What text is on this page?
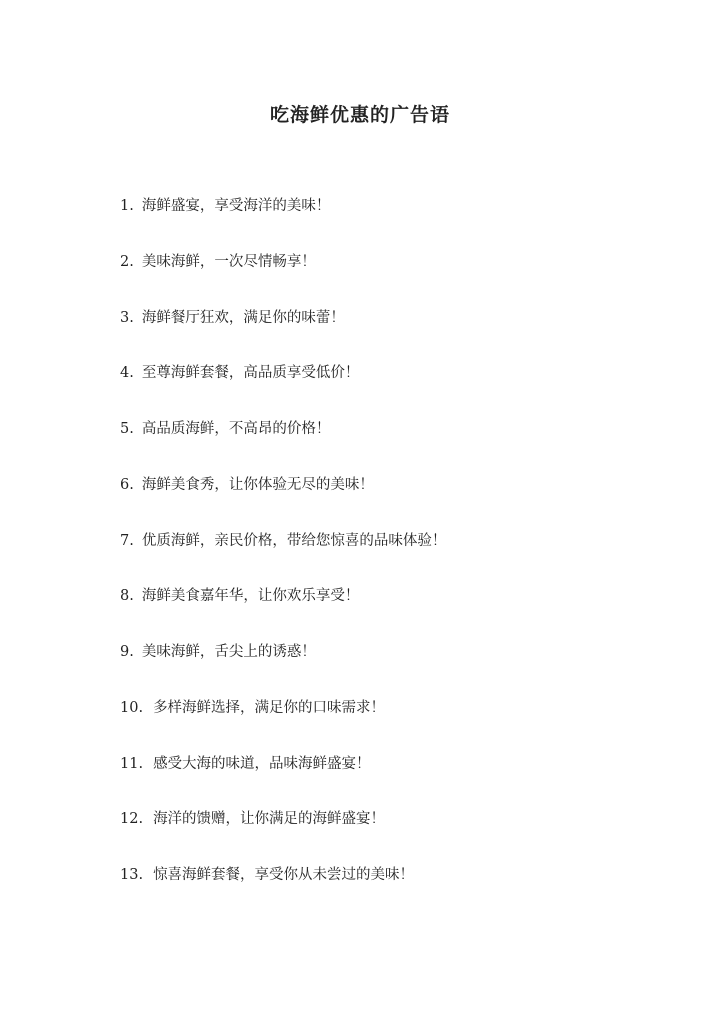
吃海鲜优惠的广告语
1. 海鲜盛宴，享受海洋的美味！
2. 美味海鲜，一次尽情畅享！
3. 海鲜餐厅狂欢，满足你的味蕾！
4. 至尊海鲜套餐，高品质享受低价！
5. 高品质海鲜，不高昂的价格！
6. 海鲜美食秀，让你体验无尽的美味！
7. 优质海鲜，亲民价格，带给您惊喜的品味体验！
8. 海鲜美食嘉年华，让你欢乐享受！
9. 美味海鲜，舌尖上的诱惑！
10. 多样海鲜选择，满足你的口味需求！
11. 感受大海的味道，品味海鲜盛宴！
12. 海洋的馈赠，让你满足的海鲜盛宴！
13. 惊喜海鲜套餐，享受你从未尝过的美味！
